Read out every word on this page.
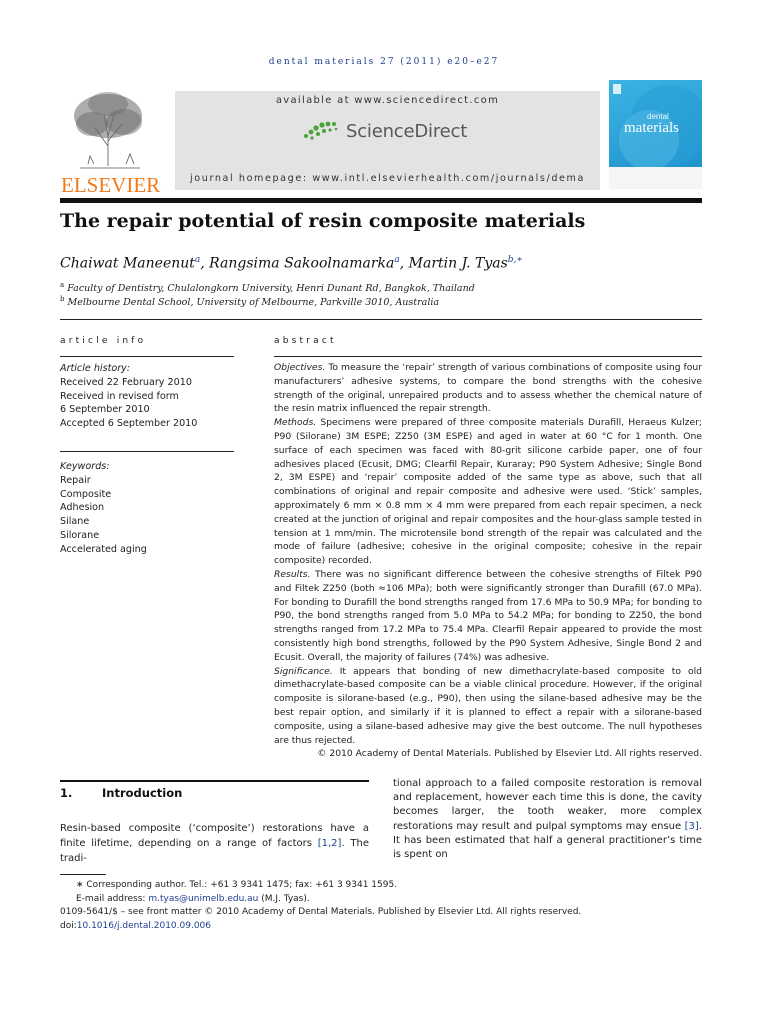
dental materials 27 (2011) e20–e27
ELSEVIER
available at www.sciencedirect.com
ScienceDirect
journal homepage: www.intl.elsevierhealth.com/journals/dema
dental
materials
The repair potential of resin composite materials
Chaiwat Maneenut$^a$, Rangsima Sakoolnamarka$^a$, Martin J. Tyas$^{b,∗}$
$^a$ Faculty of Dentistry, Chulalongkorn University, Henri Dunant Rd, Bangkok, Thailand
$^b$ Melbourne Dental School, University of Melbourne, Parkville 3010, Australia
article info
Article history:
Received 22 February 2010
Received in revised form
6 September 2010
Accepted 6 September 2010
Keywords:
Repair
Composite
Adhesion
Silane
Silorane
Accelerated aging
abstract
Objectives. To measure the ‘repair’ strength of various combinations of composite using four manufacturers’ adhesive systems, to compare the bond strengths with the cohesive strength of the original, unrepaired products and to assess whether the chemical nature of the resin matrix influenced the repair strength.
Methods. Specimens were prepared of three composite materials Durafill, Heraeus Kulzer; P90 (Silorane) 3M ESPE; Z250 (3M ESPE) and aged in water at 60 °C for 1 month. One surface of each specimen was faced with 80-grit silicone carbide paper, one of four adhesives placed (Ecusit, DMG; Clearfil Repair, Kuraray; P90 System Adhesive; Single Bond 2, 3M ESPE) and ‘repair’ composite added of the same type as above, such that all combinations of original and repair composite and adhesive were used. ‘Stick’ samples, approximately 6 mm × 0.8 mm × 4 mm were prepared from each repair specimen, a neck created at the junction of original and repair composites and the hour-glass sample tested in tension at 1 mm/min. The microtensile bond strength of the repair was calculated and the mode of failure (adhesive; cohesive in the original composite; cohesive in the repair composite) recorded.
Results. There was no significant difference between the cohesive strengths of Filtek P90 and Filtek Z250 (both ≈106 MPa); both were significantly stronger than Durafill (67.0 MPa). For bonding to Durafill the bond strengths ranged from 17.6 MPa to 50.9 MPa; for bonding to P90, the bond strengths ranged from 5.0 MPa to 54.2 MPa; for bonding to Z250, the bond strengths ranged from 17.2 MPa to 75.4 MPa. Clearfil Repair appeared to provide the most consistently high bond strengths, followed by the P90 System Adhesive, Single Bond 2 and Ecusit. Overall, the majority of failures (74%) was adhesive.
Significance. It appears that bonding of new dimethacrylate-based composite to old dimethacrylate-based composite can be a viable clinical procedure. However, if the original composite is silorane-based (e.g., P90), then using the silane-based adhesive may be the best repair option, and similarly if it is planned to effect a repair with a silorane-based composite, using a silane-based adhesive may give the best outcome. The null hypotheses are thus rejected.
© 2010 Academy of Dental Materials. Published by Elsevier Ltd. All rights reserved.
1.	Introduction
Resin-based composite (‘composite’) restorations have a finite lifetime, depending on a range of factors [1,2]. The tradi-
tional approach to a failed composite restoration is removal and replacement, however each time this is done, the cavity becomes larger, the tooth weaker, more complex restorations may result and pulpal symptoms may ensue [3]. It has been estimated that half a general practitioner’s time is spent on
∗ Corresponding author. Tel.: +61 3 9341 1475; fax: +61 3 9341 1595.
E-mail address: m.tyas@unimelb.edu.au (M.J. Tyas).
0109-5641/$ – see front matter © 2010 Academy of Dental Materials. Published by Elsevier Ltd. All rights reserved.
doi:10.1016/j.dental.2010.09.006
